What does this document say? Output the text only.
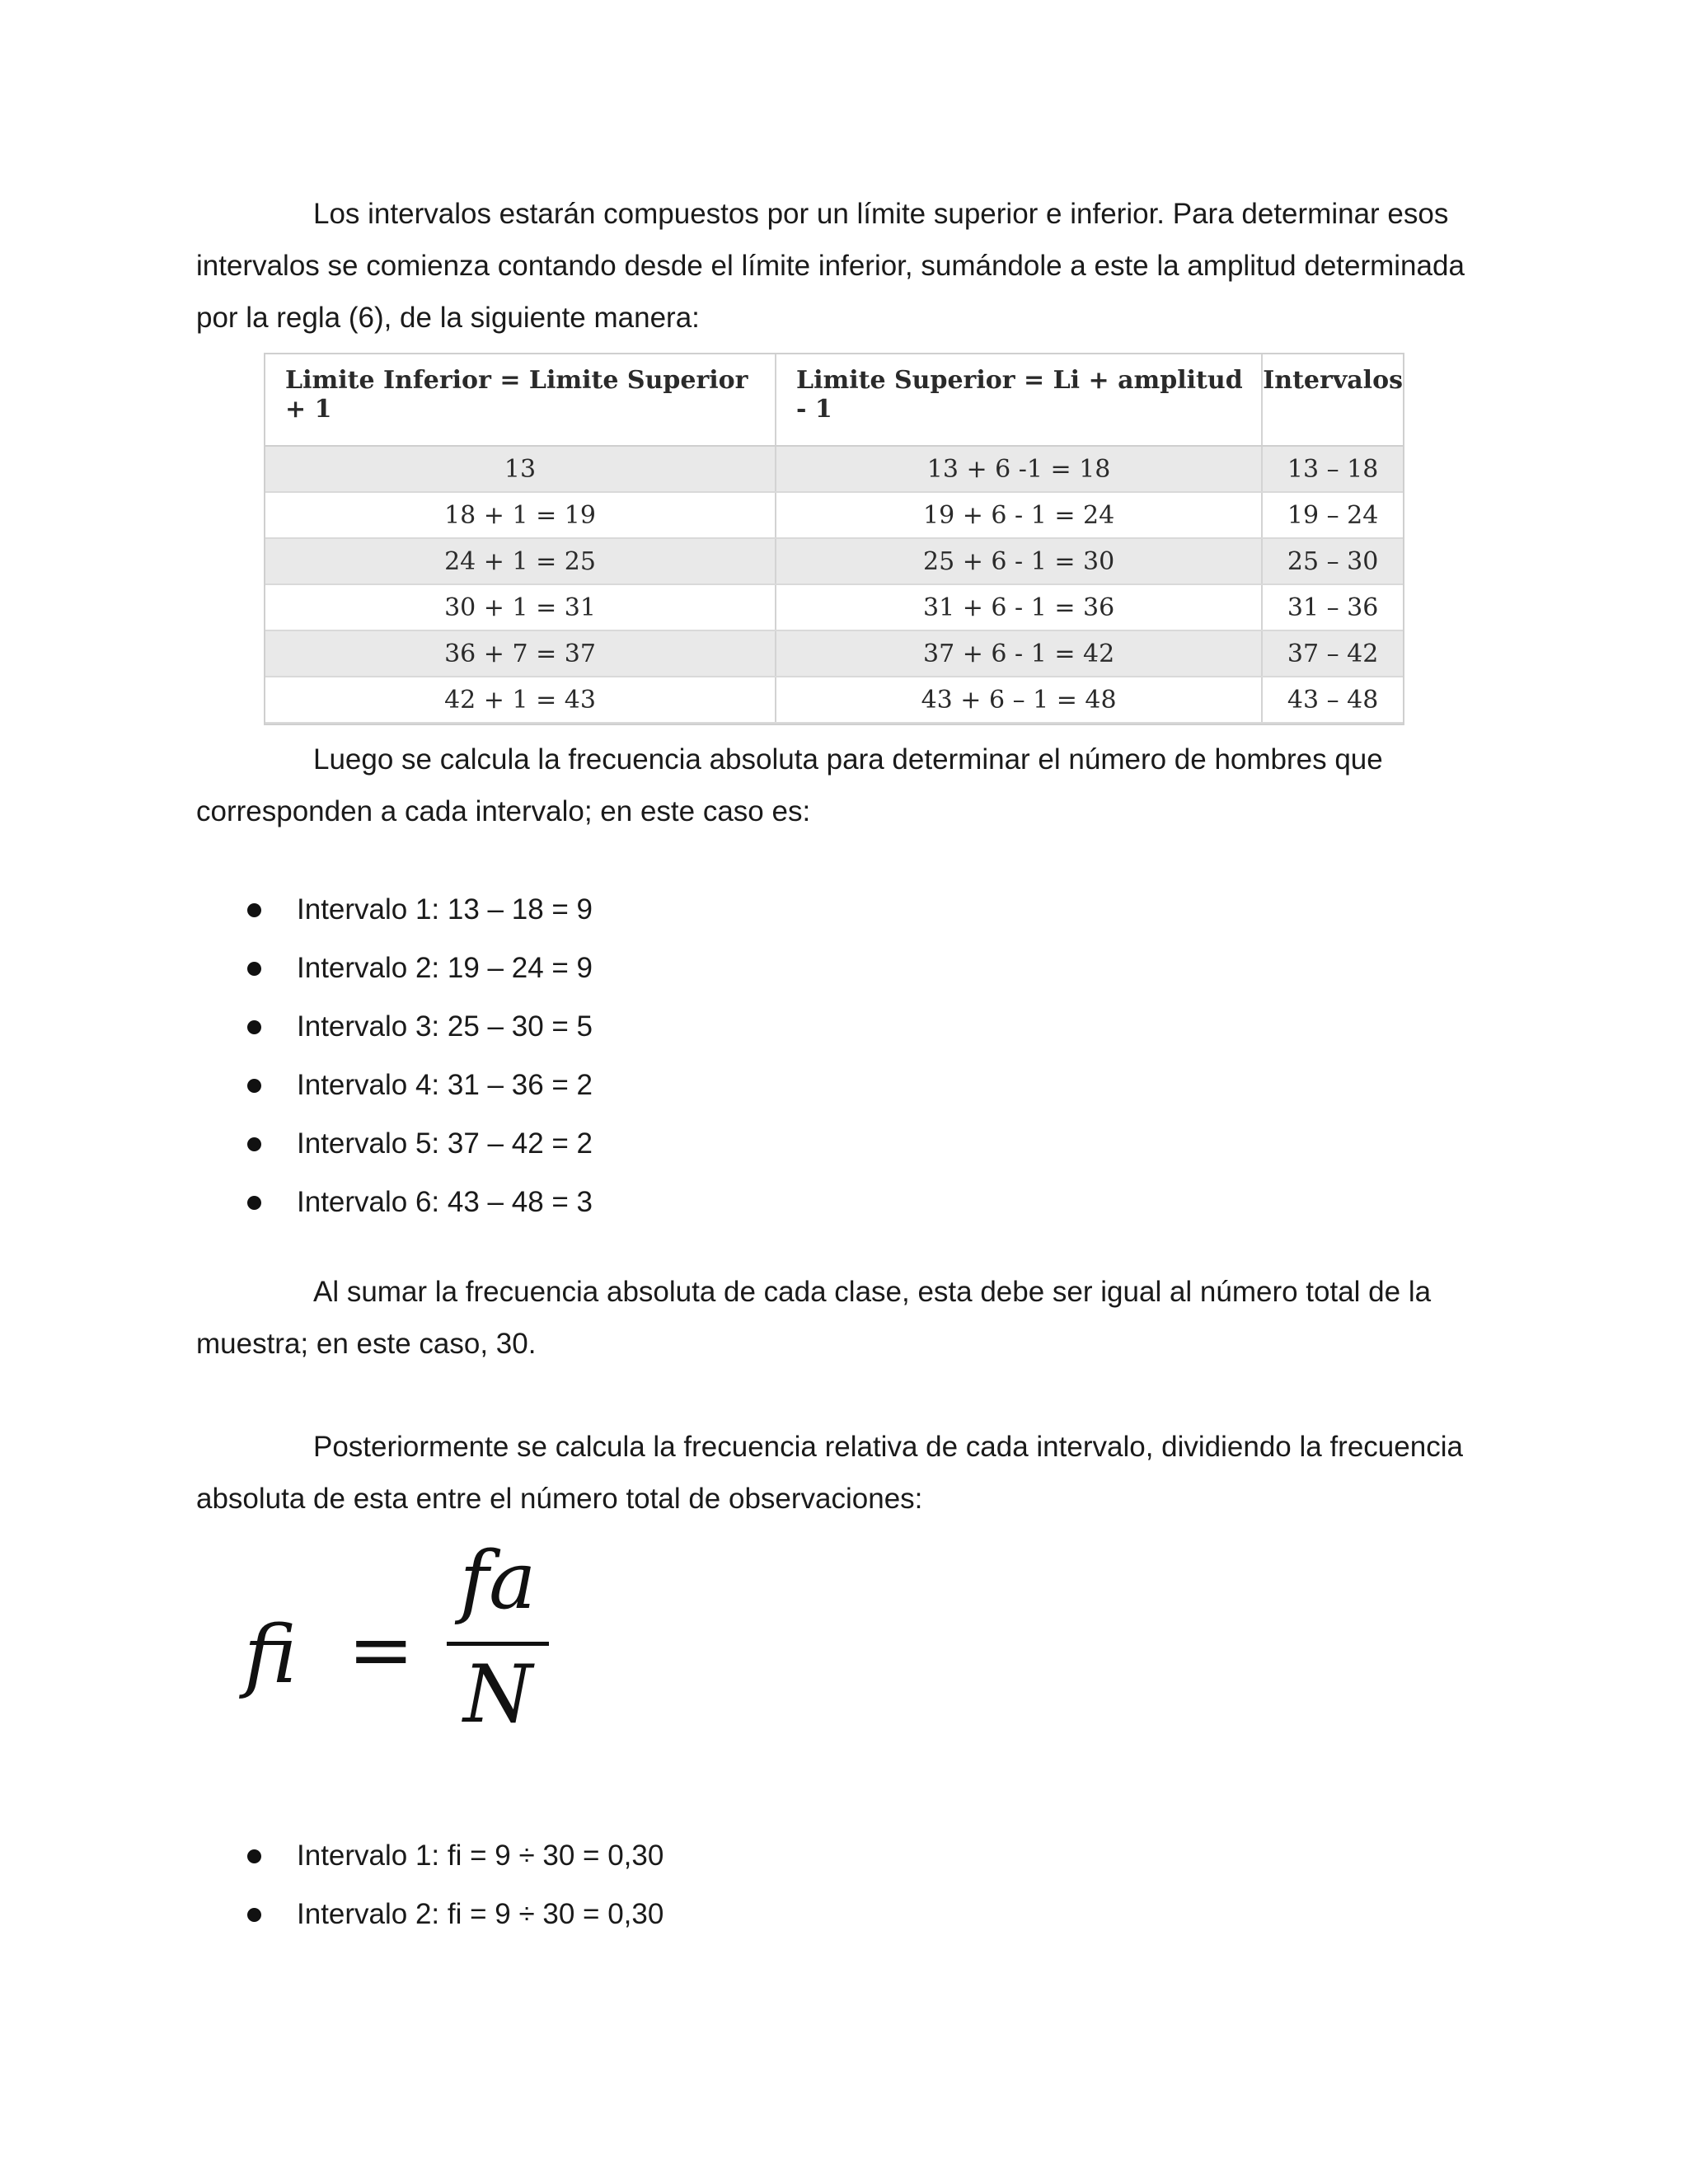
Los intervalos estarán compuestos por un límite superior e inferior. Para determinar esos intervalos se comienza contando desde el límite inferior, sumándole a este la amplitud determinada por la regla (6), de la siguiente manera:

Limite Inferior = Limite Superior + 1	Limite Superior = Li + amplitud - 1	Intervalos
13	13 + 6 -1 = 18	13 – 18
18 + 1 = 19	19 + 6 - 1 = 24	19 – 24
24 + 1 = 25	25 + 6 - 1 = 30	25 – 30
30 + 1 = 31	31 + 6 - 1 = 36	31 – 36
36 + 7 = 37	37 + 6 - 1 = 42	37 – 42
42 + 1 = 43	43 + 6 – 1 = 48	43 – 48

Luego se calcula la frecuencia absoluta para determinar el número de hombres que corresponden a cada intervalo; en este caso es:

Intervalo 1: 13 – 18 = 9
Intervalo 2: 19 – 24 = 9
Intervalo 3: 25 – 30 = 5
Intervalo 4: 31 – 36 = 2
Intervalo 5: 37 – 42 = 2
Intervalo 6: 43 – 48 = 3

Al sumar la frecuencia absoluta de cada clase, esta debe ser igual al número total de la muestra; en este caso, 30.

Posteriormente se calcula la frecuencia relativa de cada intervalo, dividiendo la frecuencia absoluta de esta entre el número total de observaciones:

fi =
fa
N
Intervalo 1: fi = 9 ÷ 30 = 0,30
Intervalo 2: fi = 9 ÷ 30 = 0,30
